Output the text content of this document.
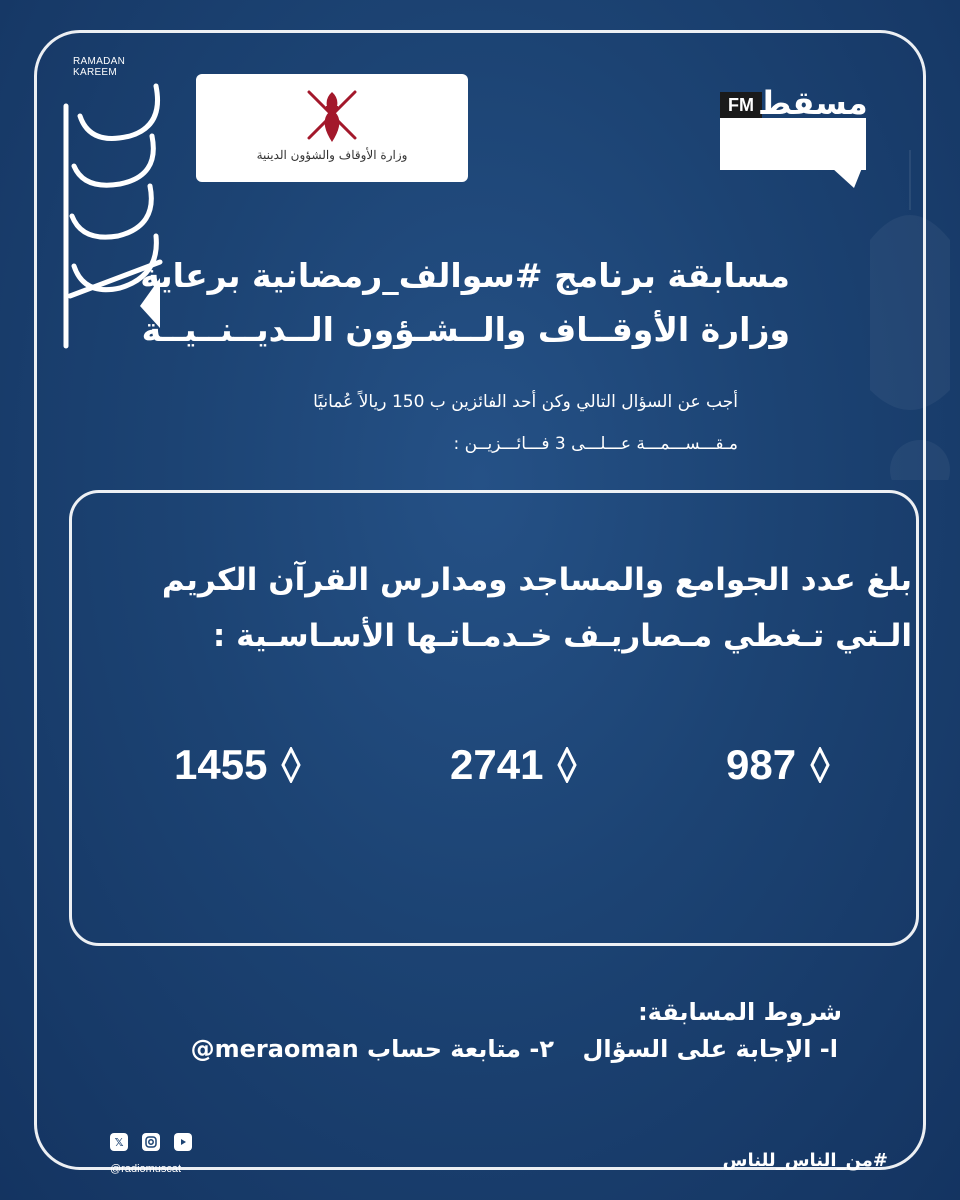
RAMADAN KAREEM
وزارة الأوقاف والشؤون الدينية
FM مسقط
مسابقة برنامج #سوالف_رمضانية برعاية
وزارة الأوقــاف والــشـؤون الــديــنــيــة
أجب عن السؤال التالي وكن أحد الفائزين ب 150 ريالاً عُمانيًا
مـقـــســـمـــة عـــلـــى 3 فـــائـــزيــن :
بلغ عدد الجوامع والمساجد ومدارس القرآن الكريم
الـتي تـغطي مـصاريـف خـدمـاتـها الأسـاسـية :
987
2741
1455
شروط المسابقة:
ا- الإجابة على السؤال
٢- متابعة حساب meraoman@
𝕏
@radiomuscat	#من_الناس_للناس
